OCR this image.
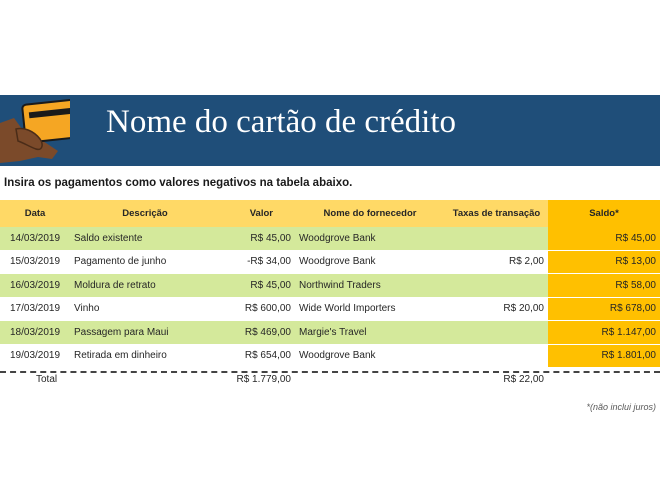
Nome do cartão de crédito
Insira os pagamentos como valores negativos na tabela abaixo.
Data	Descrição	Valor	Nome do fornecedor	Taxas de transação	Saldo*
14/03/2019	Saldo existente	R$ 45,00	Woodgrove Bank		R$ 45,00
15/03/2019	Pagamento de junho	-R$ 34,00	Woodgrove Bank	R$ 2,00	R$ 13,00
16/03/2019	Moldura de retrato	R$ 45,00	Northwind Traders		R$ 58,00
17/03/2019	Vinho	R$ 600,00	Wide World Importers	R$ 20,00	R$ 678,00
18/03/2019	Passagem para Maui	R$ 469,00	Margie's Travel		R$ 1.147,00
19/03/2019	Retirada em dinheiro	R$ 654,00	Woodgrove Bank		R$ 1.801,00
Total		R$ 1.779,00		R$ 22,00	
*(não inclui juros)
